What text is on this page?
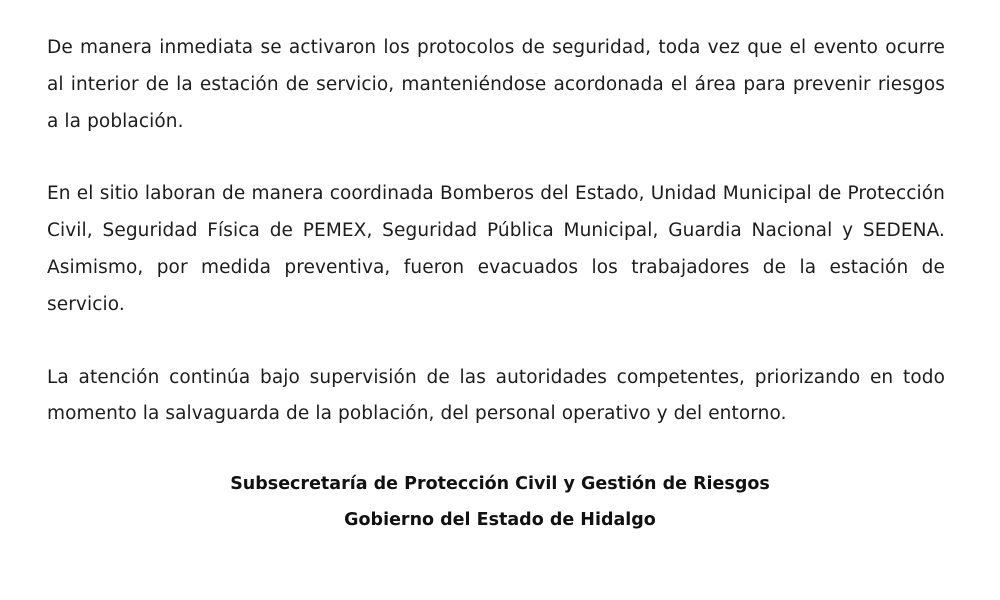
De manera inmediata se activaron los protocolos de seguridad, toda vez que el evento ocurre al interior de la estación de servicio, manteniéndose acordonada el área para prevenir riesgos a la población.

En el sitio laboran de manera coordinada Bomberos del Estado, Unidad Municipal de Protección Civil, Seguridad Física de PEMEX, Seguridad Pública Municipal, Guardia Nacional y SEDENA. Asimismo, por medida preventiva, fueron evacuados los trabajadores de la estación de servicio.

La atención continúa bajo supervisión de las autoridades competentes, priorizando en todo momento la salvaguarda de la población, del personal operativo y del entorno.

Subsecretaría de Protección Civil y Gestión de Riesgos
Gobierno del Estado de Hidalgo
